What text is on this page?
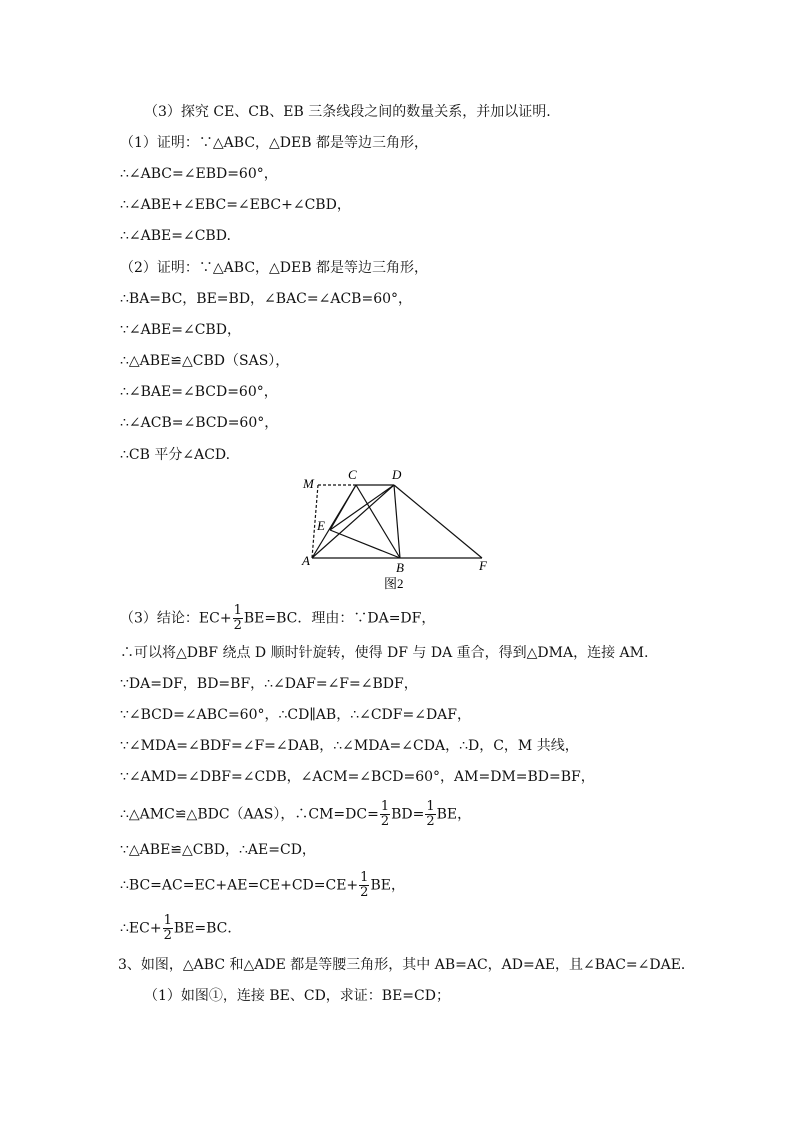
（3）探究 CE、CB、EB 三条线段之间的数量关系，并加以证明.
（1）证明：∵△ABC，△DEB 都是等边三角形，
∴∠ABC=∠EBD=60°，
∴∠ABE+∠EBC=∠EBC+∠CBD，
∴∠ABE=∠CBD.
（2）证明：∵△ABC，△DEB 都是等边三角形，
∴BA=BC，BE=BD，∠BAC=∠ACB=60°，
∵∠ABE=∠CBD，
∴△ABE≌△CBD（SAS），
∴∠BAE=∠BCD=60°，
∴∠ACB=∠BCD=60°，
∴CB 平分∠ACD.
M
C	D
E
A	B	F
图2
（3）结论：$EC+ \frac{1}{2} BE=BC$．理由：∵DA=DF，
∴可以将△DBF 绕点 D 顺时针旋转，使得 DF 与 DA 重合，得到△DMA，连接 AM.
∵DA=DF，BD=BF，∴∠DAF=∠F=∠BDF，
∵∠BCD=∠ABC=60°，∴CD∥AB，∴∠CDF=∠DAF，
∵∠MDA=∠BDF=∠F=∠DAB，∴∠MDA=∠CDA，∴D，C，M 共线，
∵∠AMD=∠DBF=∠CDB，∠ACM=∠BCD=60°，AM=DM=BD=BF，
∴△AMC≌△BDC（AAS），∴CM=DC= $\frac{1}{2} BD= \frac{1}{2}$ BE，
∵△ABE≌△CBD，∴AE=CD，
∴BC=AC=EC+AE=CE+CD=CE+ $\frac{1}{2}$ BE，
∴EC+ $\frac{1}{2} BE=BC$．
3、如图，△ABC 和△ADE 都是等腰三角形，其中 AB=AC，AD=AE，且∠BAC=∠DAE．
（1）如图①，连接 BE、CD，求证：BE=CD；
